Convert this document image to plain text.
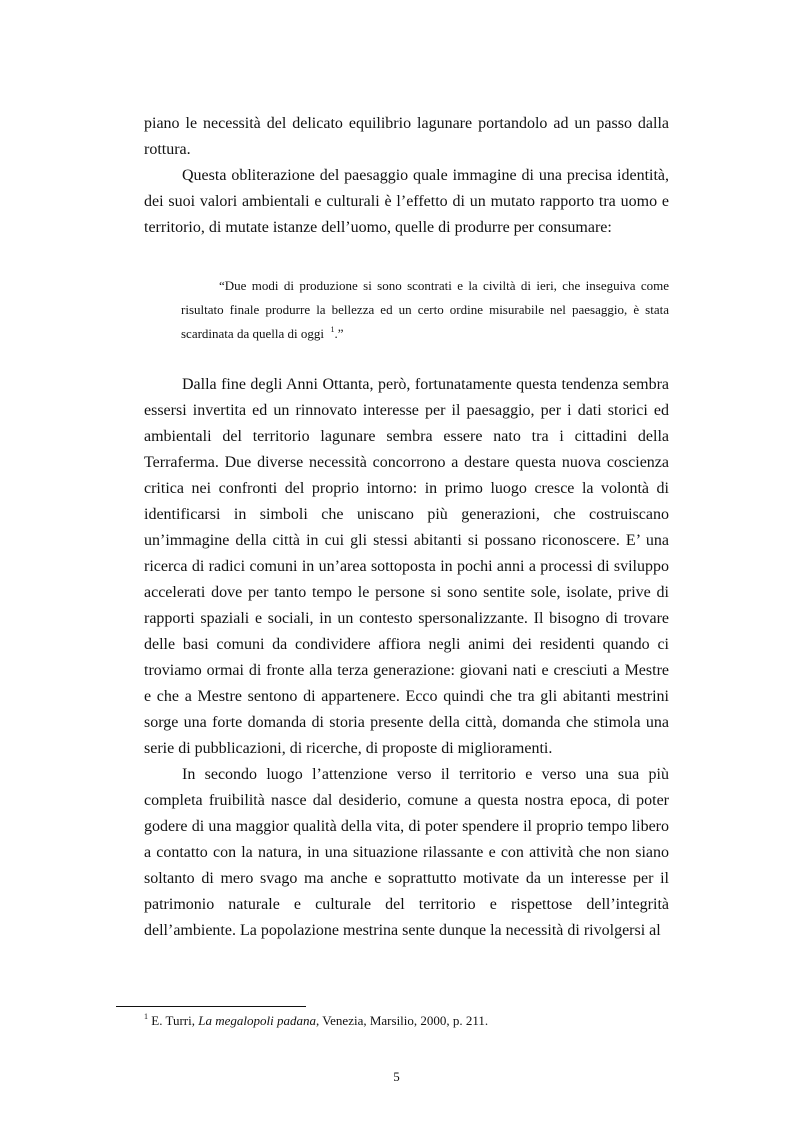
piano le necessità del delicato equilibrio lagunare portandolo ad un passo dalla rottura.

Questa obliterazione del paesaggio quale immagine di una precisa identità, dei suoi valori ambientali e culturali è l’effetto di un mutato rapporto tra uomo e territorio, di mutate istanze dell’uomo, quelle di produrre per consumare:

“Due modi di produzione si sono scontrati e la civiltà di ieri, che inseguiva come risultato finale produrre la bellezza ed un certo ordine misurabile nel paesaggio, è stata scardinata da quella di oggi $^1$.”

Dalla fine degli Anni Ottanta, però, fortunatamente questa tendenza sembra essersi invertita ed un rinnovato interesse per il paesaggio, per i dati storici ed ambientali del territorio lagunare sembra essere nato tra i cittadini della Terraferma. Due diverse necessità concorrono a destare questa nuova coscienza critica nei confronti del proprio intorno: in primo luogo cresce la volontà di identificarsi in simboli che uniscano più generazioni, che costruiscano un’immagine della città in cui gli stessi abitanti si possano riconoscere. E’ una ricerca di radici comuni in un’area sottoposta in pochi anni a processi di sviluppo accelerati dove per tanto tempo le persone si sono sentite sole, isolate, prive di rapporti spaziali e sociali, in un contesto spersonalizzante. Il bisogno di trovare delle basi comuni da condividere affiora negli animi dei residenti quando ci troviamo ormai di fronte alla terza generazione: giovani nati e cresciuti a Mestre e che a Mestre sentono di appartenere. Ecco quindi che tra gli abitanti mestrini sorge una forte domanda di storia presente della città, domanda che stimola una serie di pubblicazioni, di ricerche, di proposte di miglioramenti.

In secondo luogo l’attenzione verso il territorio e verso una sua più completa fruibilità nasce dal desiderio, comune a questa nostra epoca, di poter godere di una maggior qualità della vita, di poter spendere il proprio tempo libero a contatto con la natura, in una situazione rilassante e con attività che non siano soltanto di mero svago ma anche e soprattutto motivate da un interesse per il patrimonio naturale e culturale del territorio e rispettose dell’integrità dell’ambiente. La popolazione mestrina sente dunque la necessità di rivolgersi al

$^1$ E. Turri, La megalopoli padana, Venezia, Marsilio, 2000, p. 211.

5
